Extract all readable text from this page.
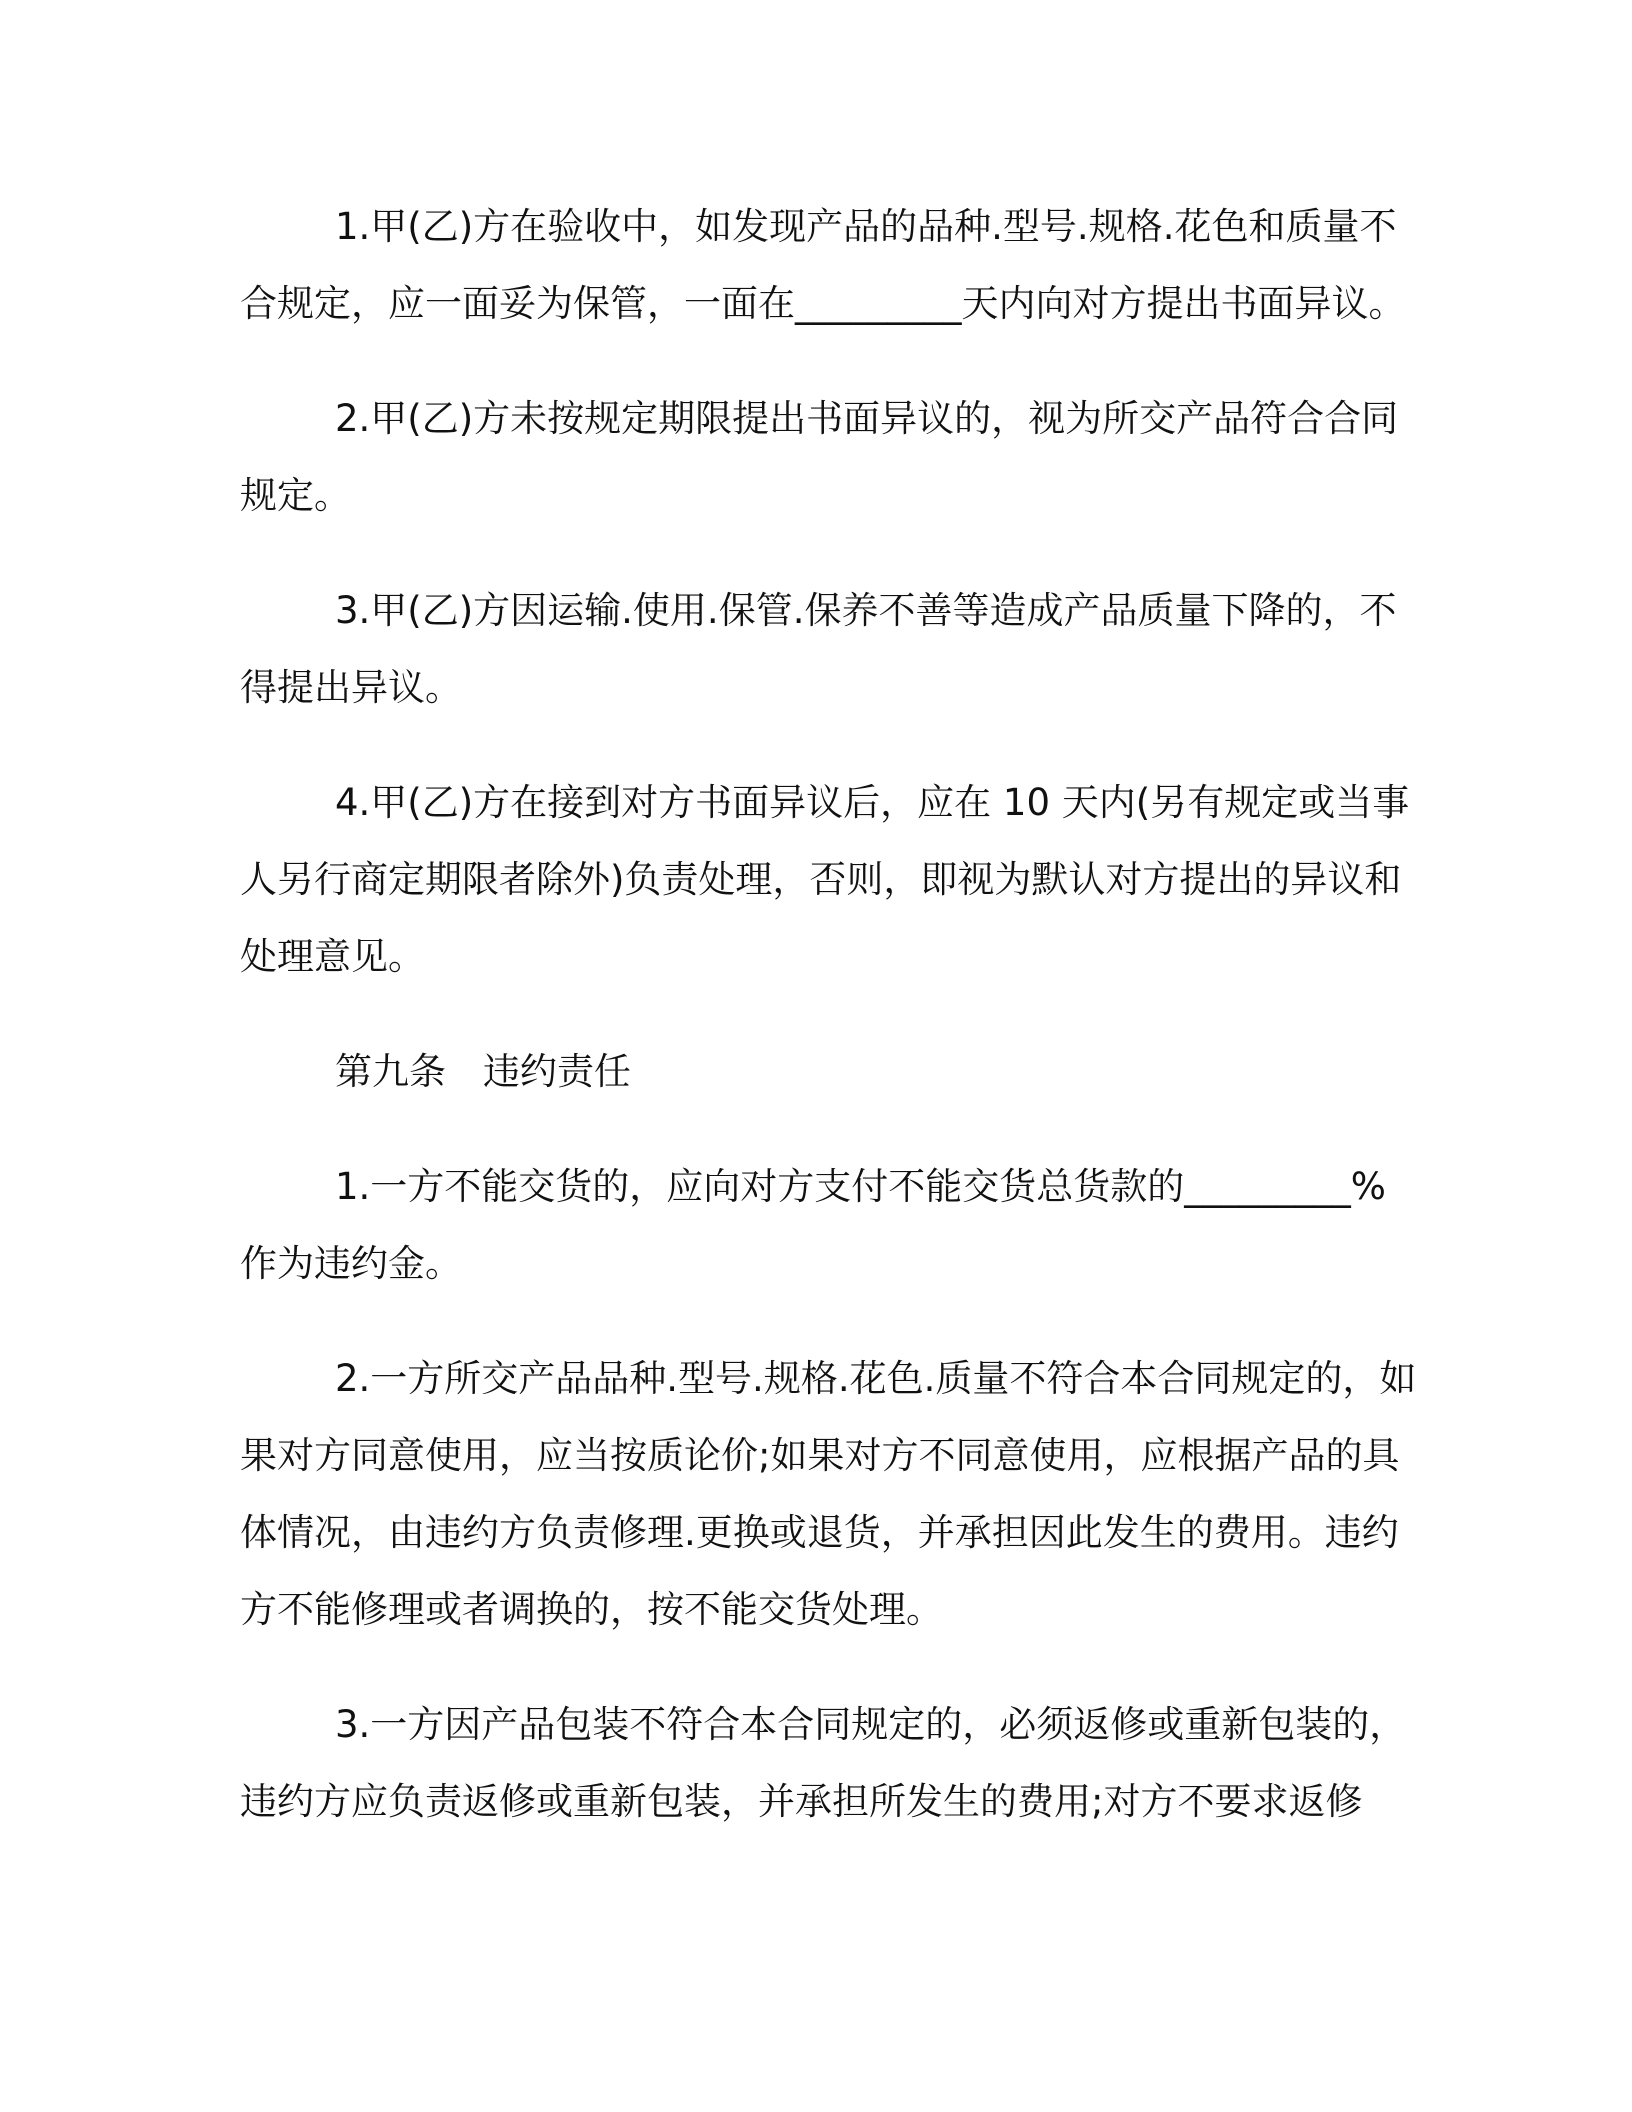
1.甲(乙)方在验收中，如发现产品的品种.型号.规格.花色和质量不合规定，应一面妥为保管，一面在_________天内向对方提出书面异议。

2.甲(乙)方未按规定期限提出书面异议的，视为所交产品符合合同规定。

3.甲(乙)方因运输.使用.保管.保养不善等造成产品质量下降的，不得提出异议。

4.甲(乙)方在接到对方书面异议后，应在 10 天内(另有规定或当事人另行商定期限者除外)负责处理，否则，即视为默认对方提出的异议和处理意见。

第九条　违约责任

1.一方不能交货的，应向对方支付不能交货总货款的_________%作为违约金。

2.一方所交产品品种.型号.规格.花色.质量不符合本合同规定的，如果对方同意使用，应当按质论价;如果对方不同意使用，应根据产品的具体情况，由违约方负责修理.更换或退货，并承担因此发生的费用。违约方不能修理或者调换的，按不能交货处理。

3.一方因产品包装不符合本合同规定的，必须返修或重新包装的，违约方应负责返修或重新包装，并承担所发生的费用;对方不要求返修
